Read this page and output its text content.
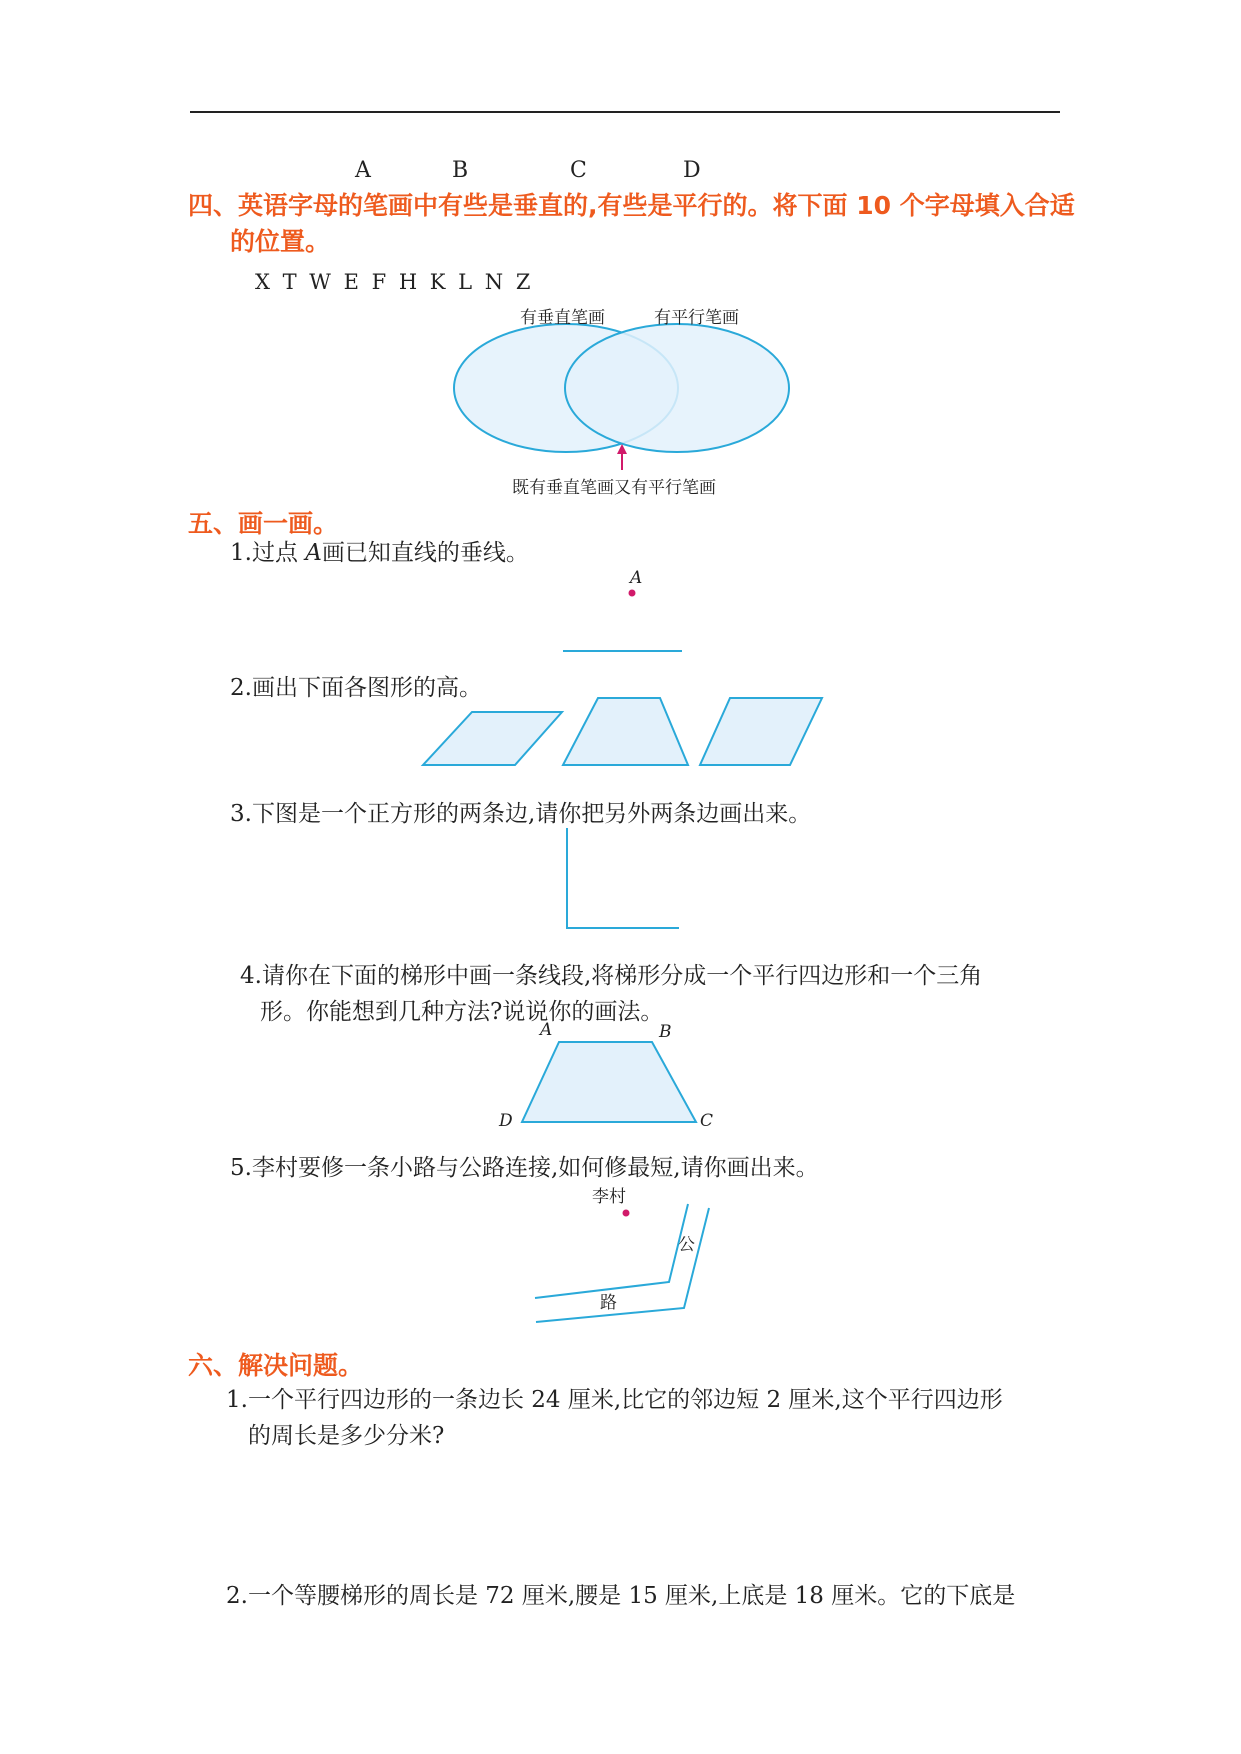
A	B	C	D
四、英语字母的笔画中有些是垂直的,有些是平行的。将下面 10 个字母填入合适
的位置。
X T W E F H K L N Z
有垂直笔画	有平行笔画
既有垂直笔画又有平行笔画
五、画一画。
1.过点 A画已知直线的垂线。
A
2.画出下面各图形的高。
3.下图是一个正方形的两条边,请你把另外两条边画出来。
4.请你在下面的梯形中画一条线段,将梯形分成一个平行四边形和一个三角
形。你能想到几种方法?说说你的画法。
A	B
C
D
5.李村要修一条小路与公路连接,如何修最短,请你画出来。
李村
公
路
六、解决问题。
1.一个平行四边形的一条边长 24 厘米,比它的邻边短 2 厘米,这个平行四边形
的周长是多少分米?
2.一个等腰梯形的周长是 72 厘米,腰是 15 厘米,上底是 18 厘米。它的下底是
